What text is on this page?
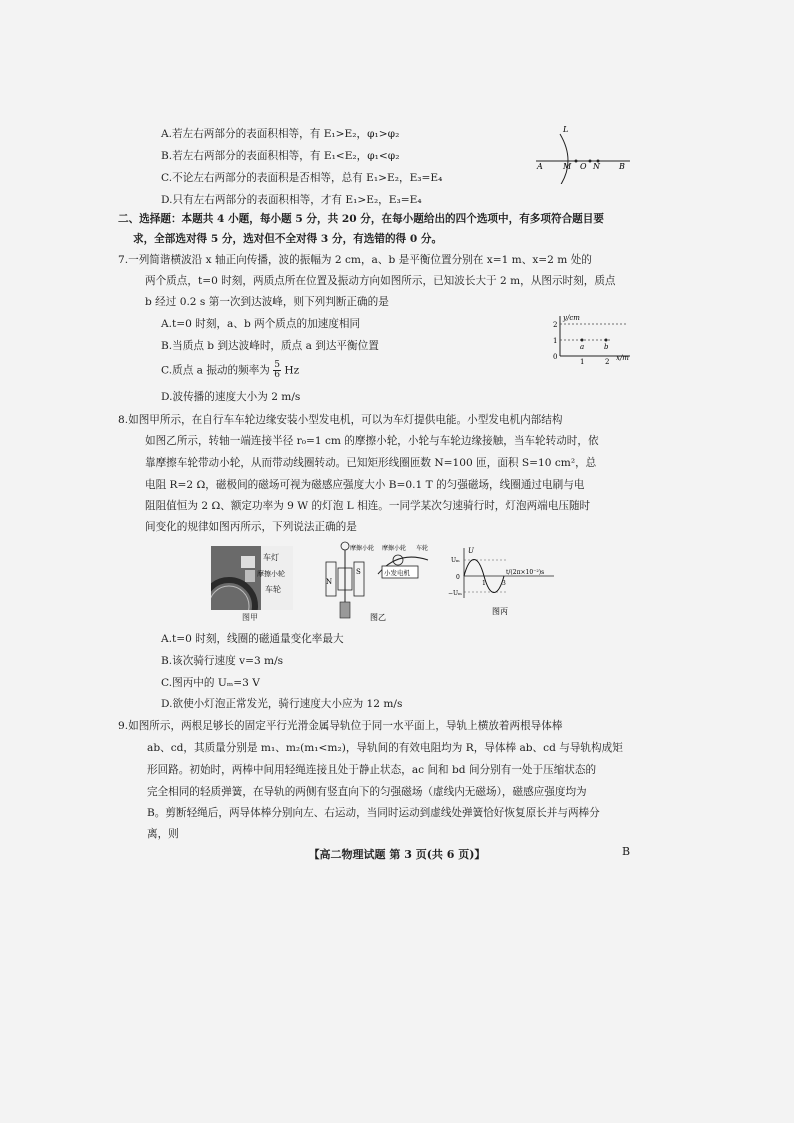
A.若左右两部分的表面积相等，有 E₁>E₂，φ₁>φ₂
B.若左右两部分的表面积相等，有 E₁<E₂，φ₁<φ₂
C.不论左右两部分的表面积是否相等，总有 E₁>E₂，E₃=E₄
D.只有左右两部分的表面积相等，才有 E₁>E₂，E₃=E₄
A	M O N B
L
二、选择题：本题共 4 小题，每小题 5 分，共 20 分，在每小题给出的四个选项中，有多项符合题目要
求，全部选对得 5 分，选对但不全对得 3 分，有选错的得 0 分。
7.一列简谐横波沿 x 轴正向传播，波的振幅为 2 cm，a、b 是平衡位置分别在 x=1 m、x=2 m 处的
两个质点，t=0 时刻，两质点所在位置及振动方向如图所示，已知波长大于 2 m，从图示时刻，质点
b 经过 0.2 s 第一次到达波峰，则下列判断正确的是
A.t=0 时刻，a、b 两个质点的加速度相同
B.当质点 b 到达波峰时，质点 a 到达平衡位置
C.质点 a 振动的频率为 $\frac{5}{6}$ Hz
D.波传播的速度大小为 2 m/s
2
1
0
1	2
y/cm
x/m
a	b
8.如图甲所示，在自行车车轮边缘安装小型发电机，可以为车灯提供电能。小型发电机内部结构
如图乙所示，转轴一端连接半径 r₀=1 cm 的摩擦小轮，小轮与车轮边缘接触，当车轮转动时，依
靠摩擦车轮带动小轮，从而带动线圈转动。已知矩形线圈匝数 N=100 匝，面积 S=10 cm²，总
电阻 R=2 Ω，磁极间的磁场可视为磁感应强度大小 B=0.1 T 的匀强磁场，线圈通过电刷与电
阻阻值恒为 2 Ω、额定功率为 9 W 的灯泡 L 相连。一同学某次匀速骑行时，灯泡两端电压随时
间变化的规律如图丙所示，下列说法正确的是
车灯
摩擦小轮
车轮
图甲
N
S
摩擦小轮 摩擦小轮 车轮
小发电机
图乙
U
Uₘ
0
−Uₘ
1	3
t/(2π×10⁻²)s
图丙
A.t=0 时刻，线圈的磁通量变化率最大
B.该次骑行速度 v=3 m/s
C.图丙中的 Uₘ=3 V
D.欲使小灯泡正常发光，骑行速度大小应为 12 m/s
9.如图所示，两根足够长的固定平行光滑金属导轨位于同一水平面上，导轨上横放着两根导体棒
ab、cd，其质量分别是 m₁、m₂(m₁<m₂)，导轨间的有效电阻均为 R，导体棒 ab、cd 与导轨构成矩
形回路。初始时，两棒中间用轻绳连接且处于静止状态，ac 间和 bd 间分别有一处于压缩状态的
完全相同的轻质弹簧，在导轨的两侧有竖直向下的匀强磁场（虚线内无磁场），磁感应强度均为
B。剪断轻绳后，两导体棒分别向左、右运动，当同时运动到虚线处弹簧恰好恢复原长并与两棒分
离，则
【高二物理试题 第 3 页(共 6 页)】	B
